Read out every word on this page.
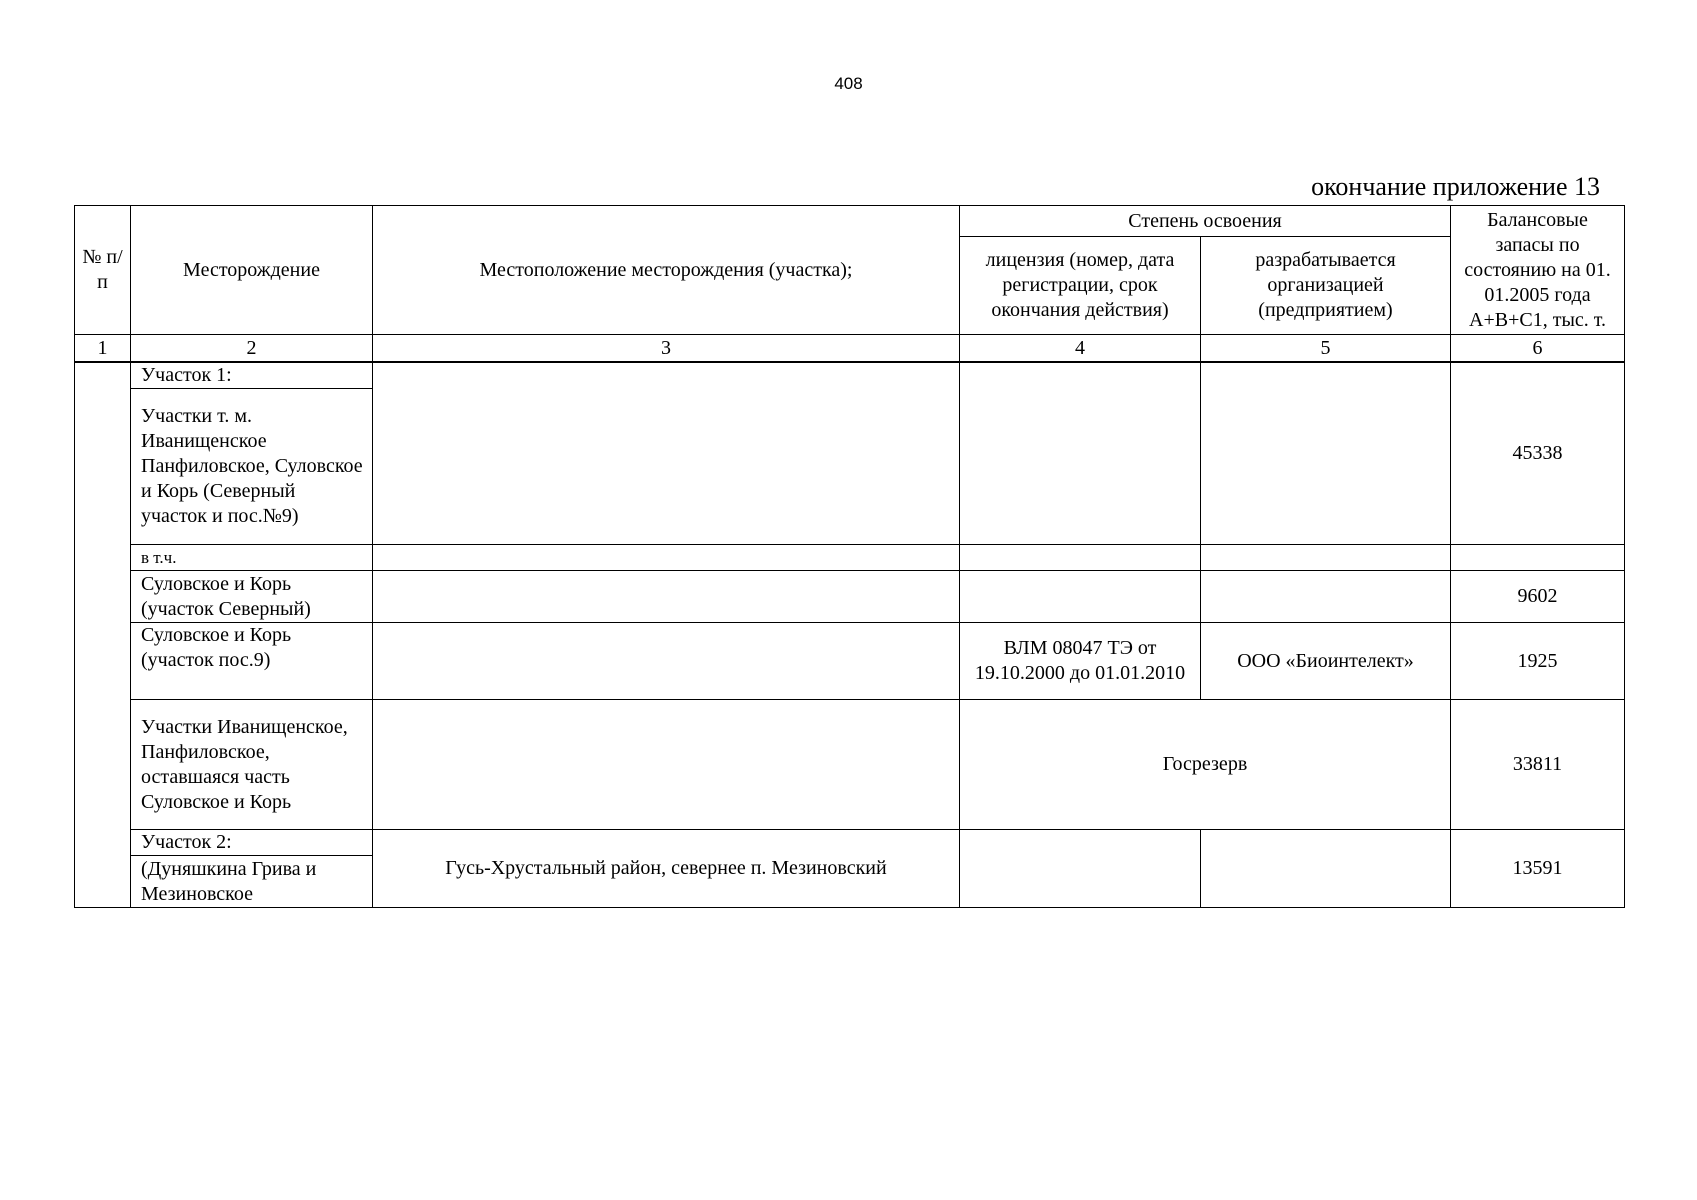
408
окончание приложение 13
№ п/п	Месторождение	Местоположение месторождения (участка);	Степень освоения		Балансовые запасы по состоянию на 01. 01.2005 года А+В+С1, тыс. т.
			лицензия (номер, дата регистрации, срок окончания действия)	разрабатывается организацией (предприятием)	
1	2	3	4	5	6
	Участок 1:				45338
	Участки т. м. Иванищенское Панфиловское, Суловское и Корь (Северный участок и пос.№9)				
	в т.ч.				
	Суловское и Корь (участок Северный)				9602
	Суловское и Корь (участок пос.9)		ВЛМ 08047 ТЭ от 19.10.2000 до 01.01.2010	ООО «Биоинтелект»	1925
	Участки Иванищенское, Панфиловское, оставшаяся часть Суловское и Корь		Госрезерв		33811
	Участок 2:	Гусь-Хрустальный район, севернее п. Мезиновский			13591
	(Дуняшкина Грива и Мезиновское				
